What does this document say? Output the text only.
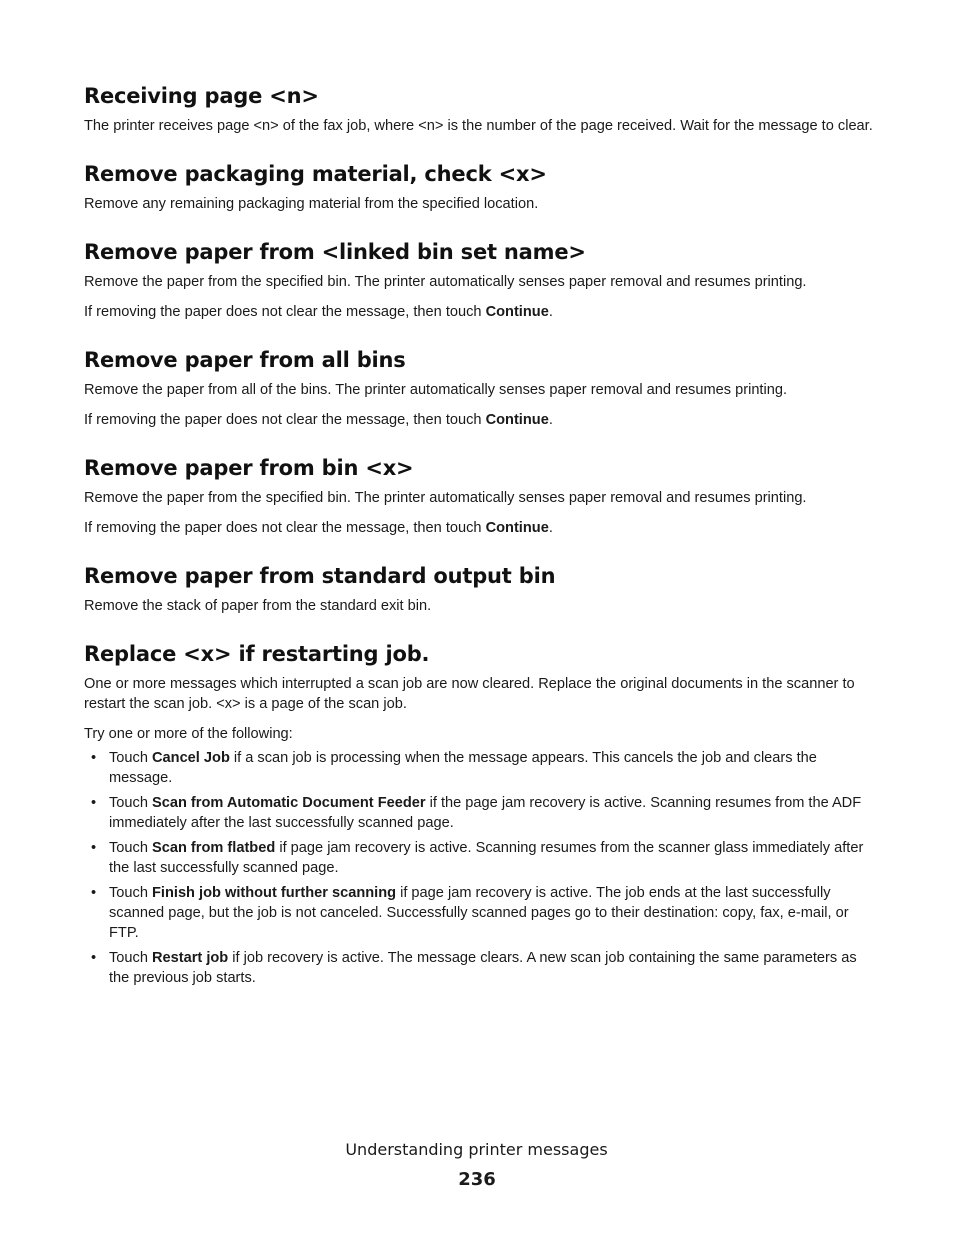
Receiving page <n>

The printer receives page <n> of the fax job, where <n> is the number of the page received. Wait for the message to clear.

Remove packaging material, check <x>

Remove any remaining packaging material from the specified location.

Remove paper from <linked bin set name>

Remove the paper from the specified bin. The printer automatically senses paper removal and resumes printing.

If removing the paper does not clear the message, then touch Continue.

Remove paper from all bins

Remove the paper from all of the bins. The printer automatically senses paper removal and resumes printing.

If removing the paper does not clear the message, then touch Continue.

Remove paper from bin <x>

Remove the paper from the specified bin. The printer automatically senses paper removal and resumes printing.

If removing the paper does not clear the message, then touch Continue.

Remove paper from standard output bin

Remove the stack of paper from the standard exit bin.

Replace <x> if restarting job.

One or more messages which interrupted a scan job are now cleared. Replace the original documents in the scanner to restart the scan job. <x> is a page of the scan job.

Try one or more of the following:

• Touch Cancel Job if a scan job is processing when the message appears. This cancels the job and clears the message.
• Touch Scan from Automatic Document Feeder if the page jam recovery is active. Scanning resumes from the ADF immediately after the last successfully scanned page.
• Touch Scan from flatbed if page jam recovery is active. Scanning resumes from the scanner glass immediately after the last successfully scanned page.
• Touch Finish job without further scanning if page jam recovery is active. The job ends at the last successfully scanned page, but the job is not canceled. Successfully scanned pages go to their destination: copy, fax, e-mail, or FTP.
• Touch Restart job if job recovery is active. The message clears. A new scan job containing the same parameters as the previous job starts.
Understanding printer messages
236
